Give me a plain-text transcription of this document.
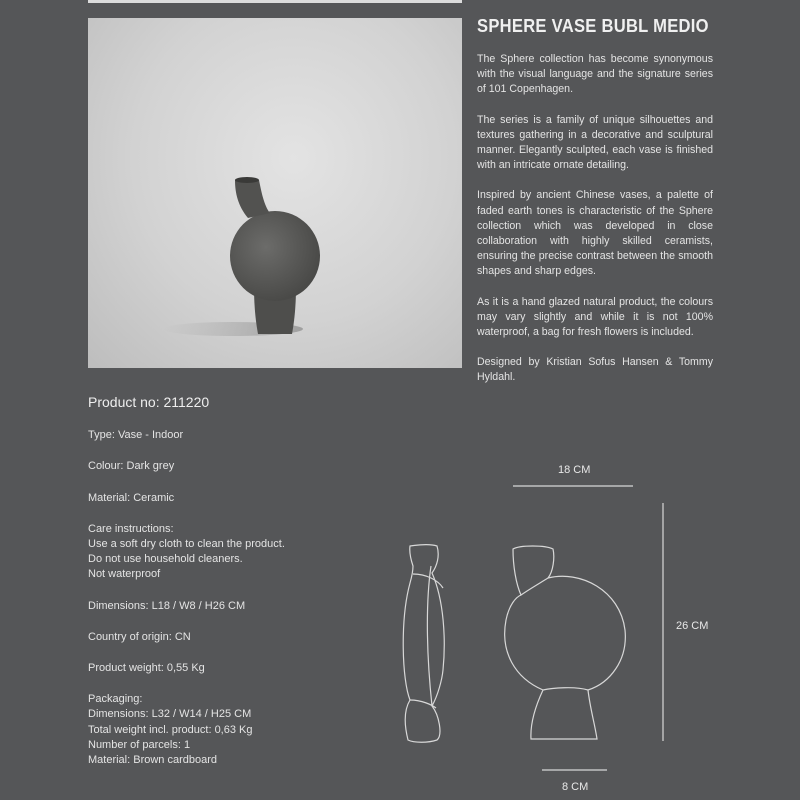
SPHERE VASE BUBL MEDIO

The Sphere collection has become synonymous with the visual language and the signature series of 101 Copenhagen.

The series is a family of unique silhouettes and textures gathering in a decorative and sculptural manner. Elegantly sculpted, each vase is finished with an intricate ornate detailing.

Inspired by ancient Chinese vases, a palette of faded earth tones is characteristic of the Sphere collection which was developed in close collaboration with highly skilled ceramists, ensuring the precise contrast between the smooth shapes and sharp edges.

As it is a hand glazed natural product, the colours may vary slightly and while it is not 100% waterproof, a bag for fresh flowers is included.

Designed by Kristian Sofus Hansen & Tommy Hyldahl.

Product no: 211220
Type: Vase - Indoor
Colour: Dark grey
Material: Ceramic
Care instructions:
Use a soft dry cloth to clean the product.
Do not use household cleaners.
Not waterproof
Dimensions: L18 / W8 / H26 CM
Country of origin: CN
Product weight: 0,55 Kg
Packaging:
Dimensions: L32 / W14 / H25 CM
Total weight incl. product: 0,63 Kg
Number of parcels: 1
Material: Brown cardboard
18 CM
26 CM
8 CM
